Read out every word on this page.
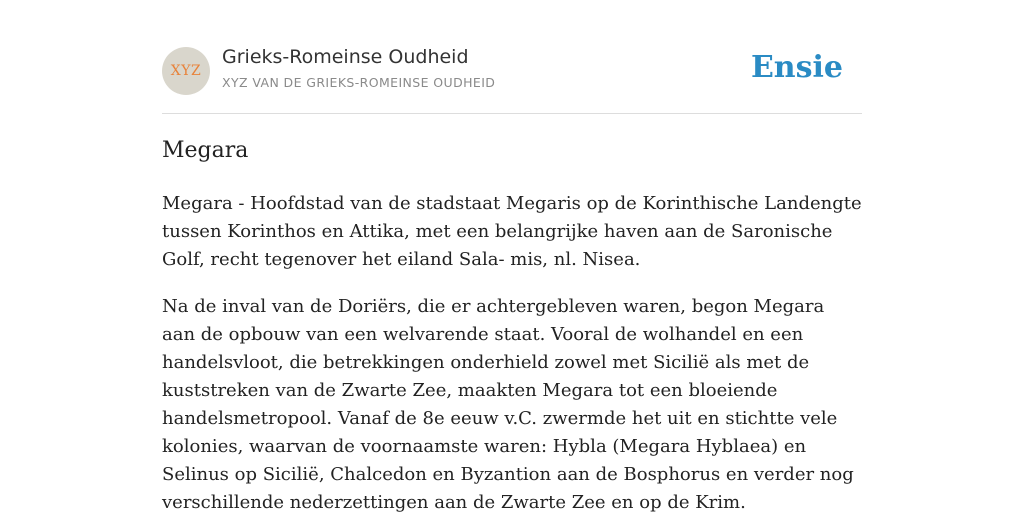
XYZ
Grieks-Romeinse Oudheid
XYZ VAN DE GRIEKS-ROMEINSE OUDHEID	Ensie
Megara

Megara - Hoofdstad van de stadstaat Megaris op de Korinthische Landengte tussen Korinthos en Attika, met een belangrijke haven aan de Saronische Golf, recht tegenover het eiland Sala- mis, nl. Nisea.

Na de inval van de Doriërs, die er achtergebleven waren, begon Megara aan de opbouw van een welvarende staat. Vooral de wolhandel en een handelsvloot, die betrekkingen onderhield zowel met Sicilië als met de kuststreken van de Zwarte Zee, maakten Megara tot een bloeiende handelsmetropool. Vanaf de 8e eeuw v.C. zwermde het uit en stichtte vele kolonies, waarvan de voornaamste waren: Hybla (Megara Hyblaea) en Selinus op Sicilië, Chalcedon en Byzantion aan de Bosphorus en verder nog verschillende nederzettingen aan de Zwarte Zee en op de Krim.
